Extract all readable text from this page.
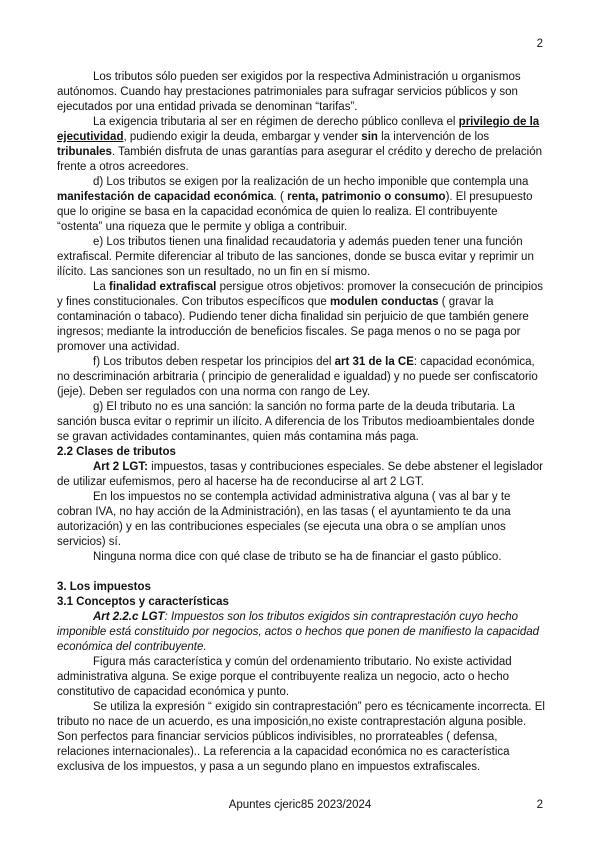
2

Los tributos sólo pueden ser exigidos por la respectiva Administración u organismos autónomos. Cuando hay prestaciones patrimoniales para sufragar servicios públicos y son ejecutados por una entidad privada se denominan “tarifas”.

La exigencia tributaria al ser en régimen de derecho público conlleva el privilegio de la ejecutividad, pudiendo exigir la deuda, embargar y vender sin la intervención de los tribunales. También disfruta de unas garantías para asegurar el crédito y derecho de prelación frente a otros acreedores.

d) Los tributos se exigen por la realización de un hecho imponible que contempla una manifestación de capacidad económica. ( renta, patrimonio o consumo). El presupuesto que lo origine se basa en la capacidad económica de quien lo realiza. El contribuyente “ostenta” una riqueza que le permite y obliga a contribuir.

e) Los tributos tienen una finalidad recaudatoria y además pueden tener una función extrafiscal. Permite diferenciar al tributo de las sanciones, donde se busca evitar y reprimir un ilícito. Las sanciones son un resultado, no un fin en sí mismo.

La finalidad extrafiscal persigue otros objetivos: promover la consecución de principios y fines constitucionales. Con tributos específicos que modulen conductas ( gravar la contaminación o tabaco). Pudiendo tener dicha finalidad sin perjuicio de que también genere ingresos; mediante la introducción de beneficios fiscales. Se paga menos o no se paga por promover una actividad.

f) Los tributos deben respetar los principios del art 31 de la CE: capacidad económica, no descriminación arbitraria ( principio de generalidad e igualdad) y no puede ser confiscatorio (jeje). Deben ser regulados con una norma con rango de Ley.

g) El tributo no es una sanción: la sanción no forma parte de la deuda tributaria. La sanción busca evitar o reprimir un ilícito. A diferencia de los Tributos medioambientales donde se gravan actividades contaminantes, quien más contamina más paga.

2.2 Clases de tributos

Art 2 LGT: impuestos, tasas y contribuciones especiales. Se debe abstener el legislador de utilizar eufemismos, pero al hacerse ha de reconducirse al art 2 LGT.

En los impuestos no se contempla actividad administrativa alguna ( vas al bar y te cobran IVA, no hay acción de la Administración), en las tasas ( el ayuntamiento te da una autorización) y en las contribuciones especiales (se ejecuta una obra o se amplían unos servicios) sí.

Ninguna norma dice con qué clase de tributo se ha de financiar el gasto público.

3. Los impuestos

3.1 Conceptos y características

Art 2.2.c LGT: Impuestos son los tributos exigidos sin contraprestación cuyo hecho imponible está constituido por negocios, actos o hechos que ponen de manifiesto la capacidad económica del contribuyente.

Figura más característica y común del ordenamiento tributario. No existe actividad administrativa alguna. Se exige porque el contribuyente realiza un negocio, acto o hecho constitutivo de capacidad económica y punto.

Se utiliza la expresión “ exigido sin contraprestación” pero es técnicamente incorrecta. El tributo no nace de un acuerdo, es una imposición,no existe contraprestación alguna posible. Son perfectos para financiar servicios públicos indivisibles, no prorrateables ( defensa, relaciones internacionales).. La referencia a la capacidad económica no es característica exclusiva de los impuestos, y pasa a un segundo plano en impuestos extrafiscales.

Apuntes cjeric85 2023/2024	2
